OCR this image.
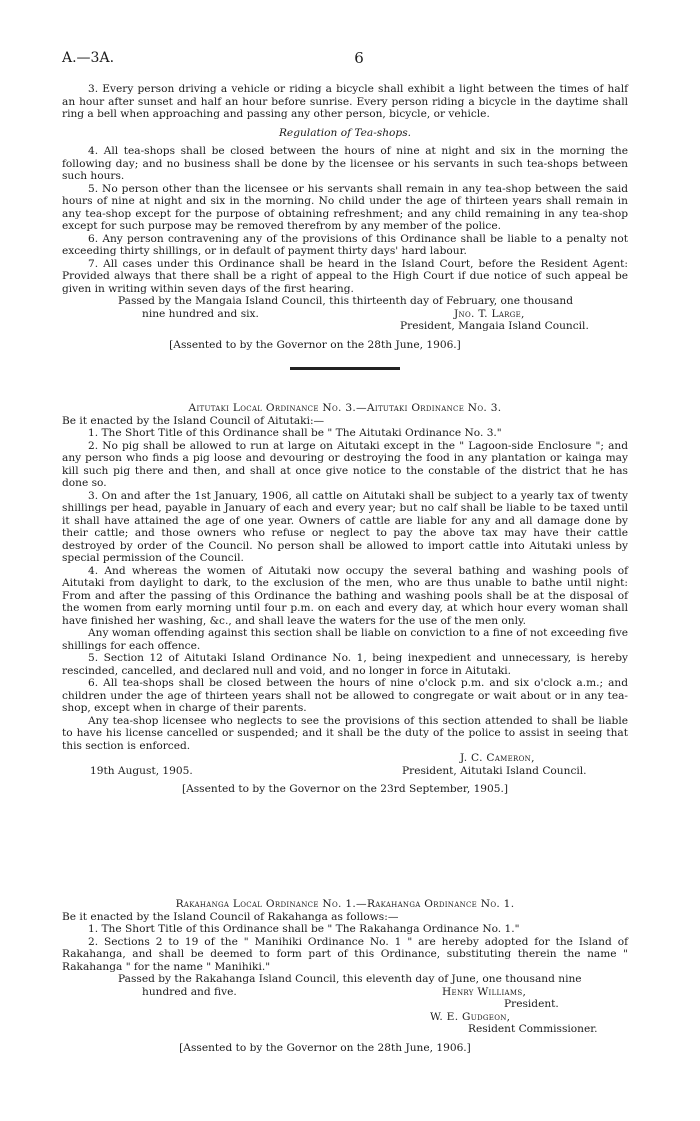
A.—3A.	6

3. Every person driving a vehicle or riding a bicycle shall exhibit a light between the times of half an hour after sunset and half an hour before sunrise. Every person riding a bicycle in the daytime shall ring a bell when approaching and passing any other person, bicycle, or vehicle.

Regulation of Tea-shops.

4. All tea-shops shall be closed between the hours of nine at night and six in the morning the following day; and no business shall be done by the licensee or his servants in such tea-shops between such hours.

5. No person other than the licensee or his servants shall remain in any tea-shop between the said hours of nine at night and six in the morning. No child under the age of thirteen years shall remain in any tea-shop except for the purpose of obtaining refreshment; and any child remaining in any tea-shop except for such purpose may be removed therefrom by any member of the police.

6. Any person contravening any of the provisions of this Ordinance shall be liable to a penalty not exceeding thirty shillings, or in default of payment thirty days' hard labour.

7. All cases under this Ordinance shall be heard in the Island Court, before the Resident Agent: Provided always that there shall be a right of appeal to the High Court if due notice of such appeal be given in writing within seven days of the first hearing.

Passed by the Mangaia Island Council, this thirteenth day of February, one thousand

nine hundred and six.	Jno. T. Large,
President, Mangaia Island Council.

[Assented to by the Governor on the 28th June, 1906.]

Aitutaki Local Ordinance No. 3.—Aitutaki Ordinance No. 3.

Be it enacted by the Island Council of Aitutaki:—

1. The Short Title of this Ordinance shall be " The Aitutaki Ordinance No. 3."

2. No pig shall be allowed to run at large on Aitutaki except in the " Lagoon-side Enclosure "; and any person who finds a pig loose and devouring or destroying the food in any plantation or kainga may kill such pig there and then, and shall at once give notice to the constable of the district that he has done so.

3. On and after the 1st January, 1906, all cattle on Aitutaki shall be subject to a yearly tax of twenty shillings per head, payable in January of each and every year; but no calf shall be liable to be taxed until it shall have attained the age of one year. Owners of cattle are liable for any and all damage done by their cattle; and those owners who refuse or neglect to pay the above tax may have their cattle destroyed by order of the Council. No person shall be allowed to import cattle into Aitutaki unless by special permission of the Council.

4. And whereas the women of Aitutaki now occupy the several bathing and washing pools of Aitutaki from daylight to dark, to the exclusion of the men, who are thus unable to bathe until night: From and after the passing of this Ordinance the bathing and washing pools shall be at the disposal of the women from early morning until four p.m. on each and every day, at which hour every woman shall have finished her washing, &c., and shall leave the waters for the use of the men only.

Any woman offending against this section shall be liable on conviction to a fine of not exceeding five shillings for each offence.

5. Section 12 of Aitutaki Island Ordinance No. 1, being inexpedient and unnecessary, is hereby rescinded, cancelled, and declared null and void, and no longer in force in Aitutaki.

6. All tea-shops shall be closed between the hours of nine o'clock p.m. and six o'clock a.m.; and children under the age of thirteen years shall not be allowed to congregate or wait about or in any tea-shop, except when in charge of their parents.

Any tea-shop licensee who neglects to see the provisions of this section attended to shall be liable to have his license cancelled or suspended; and it shall be the duty of the police to assist in seeing that this section is enforced.

J. C. Cameron,
19th August, 1905.	President, Aitutaki Island Council.

[Assented to by the Governor on the 23rd September, 1905.]

Rakahanga Local Ordinance No. 1.—Rakahanga Ordinance No. 1.

Be it enacted by the Island Council of Rakahanga as follows:—

1. The Short Title of this Ordinance shall be " The Rakahanga Ordinance No. 1."

2. Sections 2 to 19 of the " Manihiki Ordinance No. 1 " are hereby adopted for the Island of Rakahanga, and shall be deemed to form part of this Ordinance, substituting therein the name " Rakahanga " for the name " Manihiki."

Passed by the Rakahanga Island Council, this eleventh day of June, one thousand nine

hundred and five.	Henry Williams,
President.
W. E. Gudgeon,
Resident Commissioner.

[Assented to by the Governor on the 28th June, 1906.]
